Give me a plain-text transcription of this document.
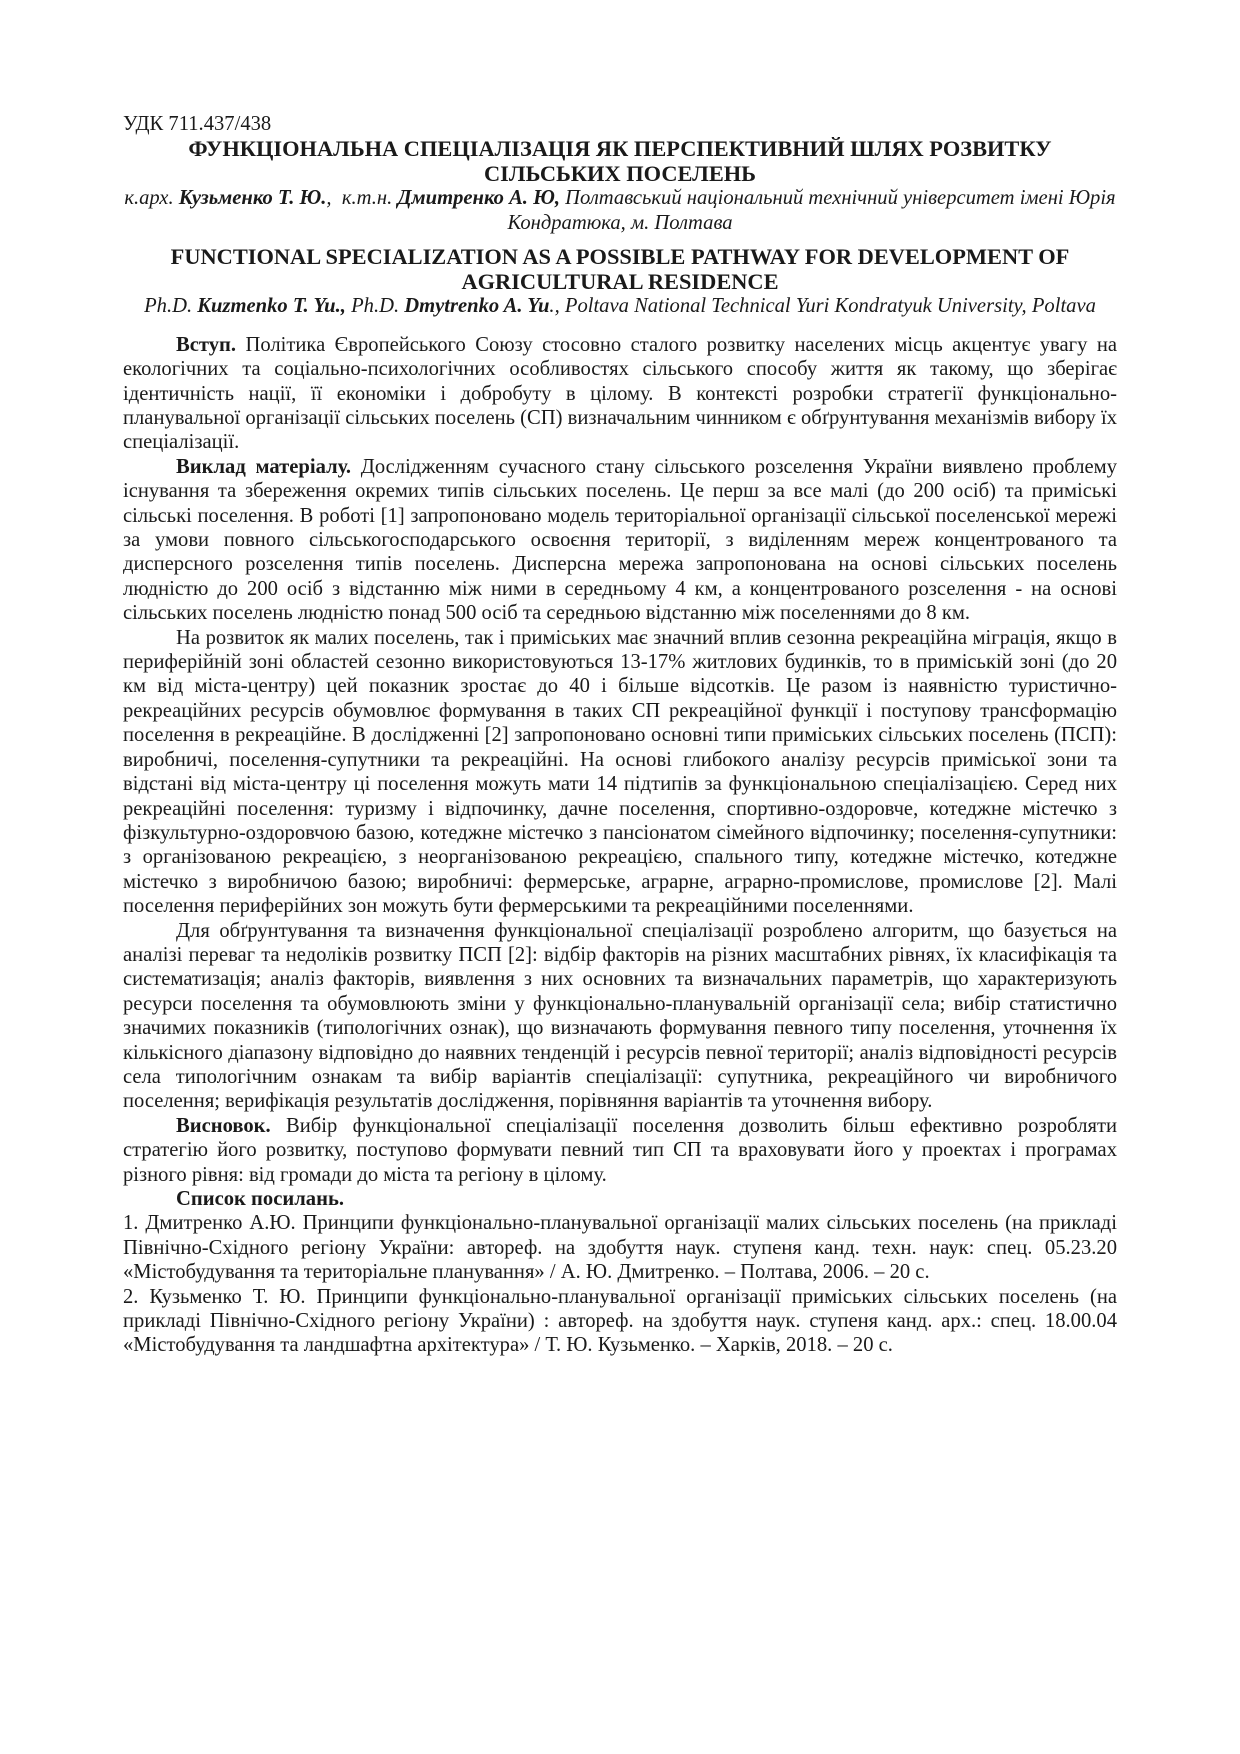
УДК 711.437/438
ФУНКЦІОНАЛЬНА СПЕЦІАЛІЗАЦІЯ ЯК ПЕРСПЕКТИВНИЙ ШЛЯХ РОЗВИТКУ СІЛЬСЬКИХ ПОСЕЛЕНЬ
к.арх. Кузьменко Т. Ю.,  к.т.н. Дмитренко А. Ю, Полтавський національний технічний університет імені Юрія Кондратюка, м. Полтава
FUNCTIONAL SPECIALIZATION AS A POSSIBLE PATHWAY FOR DEVELOPMENT OF AGRICULTURAL RESIDENCE
Ph.D. Kuzmenko T. Yu., Ph.D. Dmytrenko A. Yu., Poltava National Technical Yuri Kondratyuk University, Poltava

Вступ. Політика Європейського Союзу стосовно сталого розвитку населених місць акцентує увагу на екологічних та соціально-психологічних особливостях сільського способу життя як такому, що зберігає ідентичність нації, її економіки і добробуту в цілому. В контексті розробки стратегії функціонально-планувальної організації сільських поселень (СП) визначальним чинником є обґрунтування механізмів вибору їх спеціалізації.

Виклад матеріалу. Дослідженням сучасного стану сільського розселення України виявлено проблему існування та збереження окремих типів сільських поселень. Це перш за все малі (до 200 осіб) та приміські сільські поселення. В роботі [1] запропоновано модель територіальної організації сільської поселенської мережі за умови повного сільськогосподарського освоєння території, з виділенням мереж концентрованого та дисперсного розселення типів поселень. Дисперсна мережа запропонована на основі сільських поселень людністю до 200 осіб з відстанню між ними в середньому 4 км, а концентрованого розселення - на основі сільських поселень людністю понад 500 осіб та середньою відстанню між поселеннями до 8 км.

На розвиток як малих поселень, так і приміських має значний вплив сезонна рекреаційна міграція, якщо в периферійній зоні областей сезонно використовуються 13-17% житлових будинків, то в приміській зоні (до 20 км від міста-центру) цей показник зростає до 40 і більше відсотків. Це разом із наявністю туристично-рекреаційних ресурсів обумовлює формування в таких СП рекреаційної функції і поступову трансформацію поселення в рекреаційне. В дослідженні [2] запропоновано основні типи приміських сільських поселень (ПСП): виробничі, поселення-супутники та рекреаційні. На основі глибокого аналізу ресурсів приміської зони та відстані від міста-центру ці поселення можуть мати 14 підтипів за функціональною спеціалізацією. Серед них рекреаційні поселення: туризму і відпочинку, дачне поселення, спортивно-оздоровче, котеджне містечко з фізкультурно-оздоровчою базою, котеджне містечко з пансіонатом сімейного відпочинку; поселення-супутники: з організованою рекреацією, з неорганізованою рекреацією, спального типу, котеджне містечко, котеджне містечко з виробничою базою; виробничі: фермерське, аграрне, аграрно-промислове, промислове [2]. Малі поселення периферійних зон можуть бути фермерськими та рекреаційними поселеннями.

Для обґрунтування та визначення функціональної спеціалізації розроблено алгоритм, що базується на аналізі переваг та недоліків розвитку ПСП [2]: відбір факторів на різних масштабних рівнях, їх класифікація та систематизація; аналіз факторів, виявлення з них основних та визначальних параметрів, що характеризують ресурси поселення та обумовлюють зміни у функціонально-планувальній організації села; вибір статистично значимих показників (типологічних ознак), що визначають формування певного типу поселення, уточнення їх кількісного діапазону відповідно до наявних тенденцій і ресурсів певної території; аналіз відповідності ресурсів села типологічним ознакам та вибір варіантів спеціалізації: супутника, рекреаційного чи виробничого поселення; верифікація результатів дослідження, порівняння варіантів та уточнення вибору.

Висновок. Вибір функціональної спеціалізації поселення дозволить більш ефективно розробляти стратегію його розвитку, поступово формувати певний тип СП та враховувати його у проектах і програмах різного рівня: від громади до міста та регіону в цілому.

Список посилань.

1. Дмитренко А.Ю. Принципи функціонально-планувальної організації малих сільських поселень (на прикладі Північно-Східного регіону України: автореф. на здобуття наук. ступеня канд. техн. наук: спец. 05.23.20 «Містобудування та територіальне планування» / А. Ю. Дмитренко. – Полтава, 2006. – 20 с.

2. Кузьменко Т. Ю. Принципи функціонально-планувальної організації приміських сільських поселень (на прикладі Північно-Східного регіону України) : автореф. на здобуття наук. ступеня канд. арх.: спец. 18.00.04 «Містобудування та ландшафтна архітектура» / Т. Ю. Кузьменко. – Харків, 2018. – 20 с.
